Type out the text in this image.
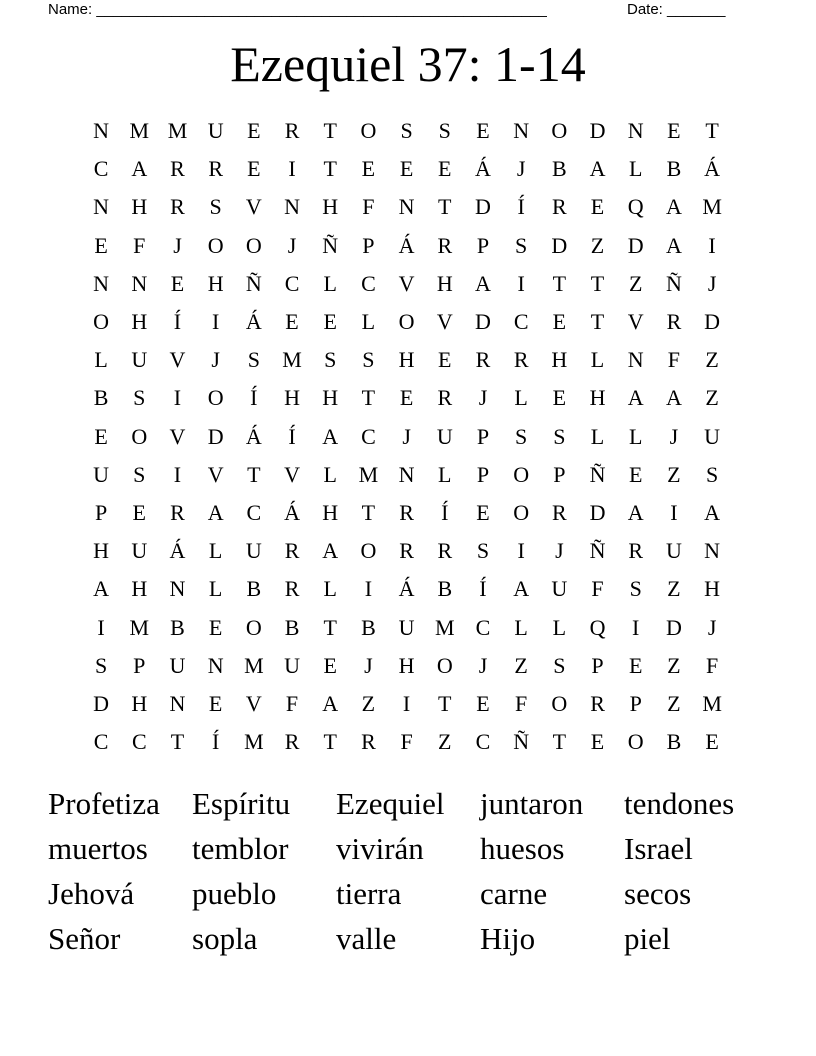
Name: ______________________________________________________	Date: _______
Ezequiel 37: 1-14
N M M U	E	R	T	O	S	S	E	N	O	D	N	E	T
C	A	R	R	E	I	T	E	E	E	Á	J	B	A	L	B	Á
N	H	R	S	V	N	H	F	N	T	D	Í	R	E	Q	A M
E	F	J	O	O	J	Ñ	P	Á	R	P	S	D	Z	D	A	I
N	N	E	H	Ñ	C	L	C	V	H	A	I	T	T	Z	Ñ	J
O	H	Í	I	Á	E	E	L	O	V	D	C	E	T	V	R	D
L	U	V	J	S	M	S	S	H	E	R	R	H	L	N	F	Z
B	S	I	O	Í	H	H	T	E	R	J	L	E	H	A	A	Z
E	O	V	D	Á	Í	A	C	J	U	P	S	S	L	L	J	U
U	S	I	V	T	V	L M N	L	P	O	P	Ñ	E	Z	S
P	E	R	A	C	Á	H	T	R	Í	E	O	R	D	A	I	A
H	U	Á	L	U	R	A	O	R	R	S	I	J	Ñ	R	U	N
A	H	N	L	B	R	L	I	Á	B	Í	A	U	F	S	Z	H
I	M B	E	O	B	T	B	U M C	L	L	Q	I	D	J
S	P	U	N M U	E	J	H	O	J	Z	S	P	E	Z	F
D	H	N	E	V	F	A	Z	I	T	E	F	O	R	P	Z M
C	C	T	Í	M R	T	R	F	Z	C	Ñ	T	E	O	B	E
Profetiza	Espíritu	Ezequiel	juntaron	tendones
muertos	temblor	vivirán	huesos	Israel
Jehová	pueblo	tierra	carne	secos
Señor	sopla	valle	Hijo	piel
